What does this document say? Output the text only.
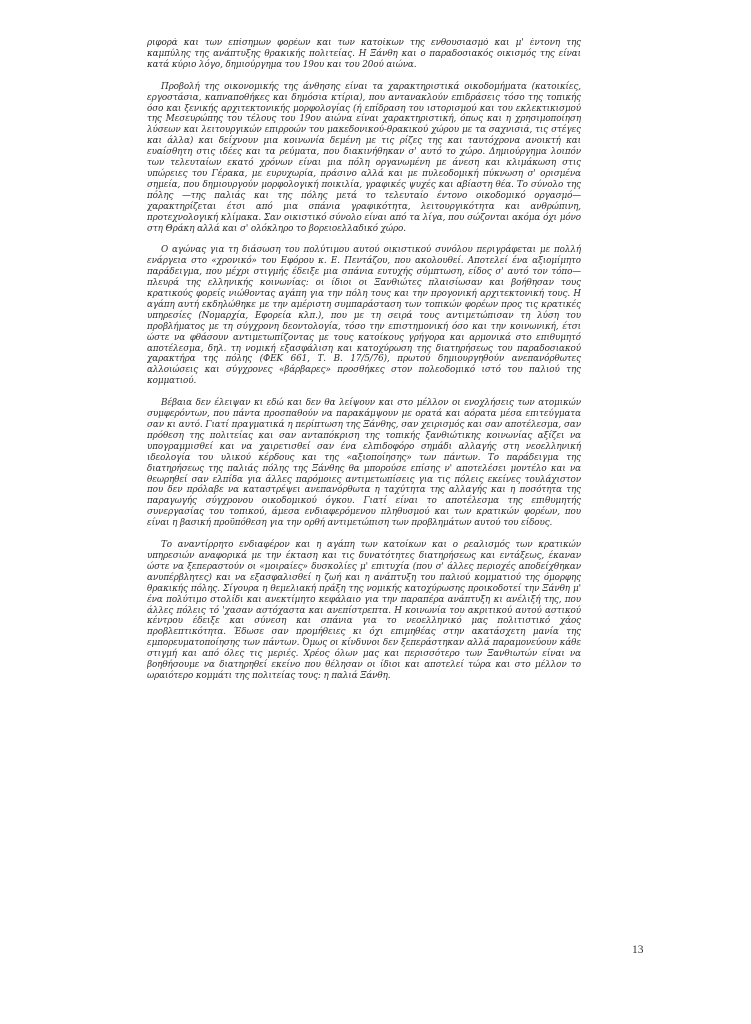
ριφορά και των επίσημων φορέων και των κατοίκων της ενθουσιασμό και μ' έντονη της καμπύλης της ανάπτυξης θρακικής πολιτείας. Η Ξάνθη και ο παραδοσιακός οικισμός της είναι κατά κύριο λόγο, δημιούργημα του 19ου και του 20ού αιώνα.

Προβολή της οικονομικής της άνθησης είναι τα χαρακτηριστικά οικοδομήματα (κατοικίες, εργοστάσια, καπναποθήκες και δημόσια κτίρια), που αντανακλούν επιδράσεις τόσο της τοπικής όσο και ξενικής αρχιτεκτονικής μορφολογίας (ή επίδραση του ιστορισμού και του εκλεκτικισμού της Μεσευρώπης του τέλους του 19ου αιώνα είναι χαρακτηριστική, όπως και η χρησιμοποίηση λύσεων και λειτουργικών επιρροών του μακεδονικού-θρακικού χώρου με τα σαχνισιά, τις στέγες και άλλα) και δείχνουν μια κοινωνία δεμένη με τις ρίζες της και ταυτόχρονα ανοικτή και ευαίσθητη στις ιδέες και τα ρεύματα, που διακινήθηκαν σ' αυτό το χώρο. Δημιούργημα λοιπόν των τελευταίων εκατό χρόνων είναι μια πόλη οργανωμένη με άνεση και κλιμάκωση στις υπώρειες του Γέρακα, με ευρυχωρία, πράσινο αλλά και με πυλεοδομική πύκνωση σ' ορισμένα σημεία, που δημιουργούν μορφολογική ποικιλία, γραφικές ψυχές και αβίαστη θέα. Το σύνολο της πόλης —της παλιάς και της πόλης μετά το τελευταίο έντονο οικοδομικό οργασμό— χαρακτηρίζεται έτσι από μια σπάνια γραφικότητα, λειτουργικότητα και ανθρώπινη, προτεχνολογική κλίμακα. Σαν οικιστικό σύνολο είναι από τα λίγα, που σώζονται ακόμα όχι μόνο στη Θράκη αλλά και σ' ολόκληρο το βορειοελλαδικό χώρο.

Ο αγώνας για τη διάσωση του πολύτιμου αυτού οικιστικού συνόλου περιγράφεται με πολλή ενάργεια στο «χρονικό» του Εφόρου κ. Ε. Πεντάζου, που ακολουθεί. Αποτελεί ένα αξιομίμητο παράδειγμα, που μέχρι στιγμής έδειξε μια σπάνια ευτυχής σύμπτωση, είδος σ' αυτό τον τόπο—πλευρά της ελληνικής κοινωνίας: οι ίδιοι οι Ξανθιώτες πλαισίωσαν και βοήθησαν τους κρατικούς φορείς νιώθοντας αγάπη για την πόλη τους και την προγονική αρχιτεκτονική τους. Η αγάπη αυτή εκδηλώθηκε με την αμέριστη συμπαράσταση των τοπικών φορέων προς τις κρατικές υπηρεσίες (Νομαρχία, Εφορεία κλπ.), που με τη σειρά τους αντιμετώπισαν τη λύση του προβλήματος με τη σύγχρονη δεοντολογία, τόσο την επιστημονική όσο και την κοινωνική, έτσι ώστε να φθάσουν αντιμετωπίζοντας με τους κατοίκους γρήγορα και αρμονικά στο επιθυμητό αποτέλεσμα, δηλ. τη νομική εξασφάλιση και κατοχύρωση της διατηρήσεως του παραδοσιακού χαρακτήρα της πόλης (ΦΕΚ 661, Τ. Β. 17/5/76), πρωτού δημιουργηθούν ανεπανόρθωτες αλλοιώσεις και σύγχρονες «βάρβαρες» προσθήκες στον πολεοδομικό ιστό του παλιού της κομματιού.

Βέβαια δεν έλειψαν κι εδώ και δεν θα λείψουν και στο μέλλον οι ενοχλήσεις των ατομικών συμφερόντων, που πάντα προσπαθούν να παρακάμψουν με ορατά και αόρατα μέσα επιτεύγματα σαν κι αυτό. Γιατί πραγματικά η περίπτωση της Ξάνθης, σαν χειρισμός και σαν αποτέλεσμα, σαν πρόθεση της πολιτείας και σαν ανταπόκριση της τοπικής ξανθιώτικης κοινωνίας αξίζει να υπογραμμισθεί και να χαιρετισθεί σαν ένα ελπιδοφόρο σημάδι αλλαγής στη νεοελληνική ιδεολογία του υλικού κέρδους και της «αξιοποίησης» των πάντων. Το παράδειγμα της διατηρήσεως της παλιάς πόλης της Ξάνθης θα μπορούσε επίσης ν' αποτελέσει μοντέλο και να θεωρηθεί σαν ελπίδα για άλλες παρόμοιες αντιμετωπίσεις για τις πόλεις εκείνες τουλάχιστον που δεν πρόλαβε να καταστρέψει ανεπανόρθωτα η ταχύτητα της αλλαγής και η ποσότητα της παραγωγής σύγχρονου οικοδομικού όγκου. Γιατί είναι το αποτέλεσμα της επιθυμητής συνεργασίας του τοπικού, άμεσα ενδιαφερόμενου πληθυσμού και των κρατικών φορέων, που είναι η βασική προϋπόθεση για την ορθή αντιμετώπιση των προβλημάτων αυτού του είδους.

Το αναντίρρητο ενδιαφέρον και η αγάπη των κατοίκων και ο ρεαλισμός των κρατικών υπηρεσιών αναφορικά με την έκταση και τις δυνατότητες διατηρήσεως και εντάξεως, έκαναν ώστε να ξεπεραστούν οι «μοιραίες» δυσκολίες μ' επιτυχία (που σ' άλλες περιοχές αποδείχθηκαν ανυπέρβλητες) και να εξασφαλισθεί η ζωή και η ανάπτυξη του παλιού κομματιού της όμορφης θρακικής πόλης. Σίγουρα η θεμελιακή πράξη της νομικής κατοχύρωσης προικοδοτεί την Ξάνθη μ' ένα πολύτιμο στολίδι και ανεκτίμητο κεφάλαιο για την παραπέρα ανάπτυξη κι ανέλιξή της, που άλλες πόλεις τό 'χασαν αστόχαστα και ανεπίστρεπτα. Η κοινωνία του ακριτικού αυτού αστικού κέντρου έδειξε και σύνεση και σπάνια για το νεοελληνικό μας πολιτιστικό χάος προβλεπτικότητα. Έδωσε σαν προμήθειες κι όχι επιμηθέας στην ακατάσχετη μανία της εμπορευματοποίησης των πάντων. Όμως οι κίνδυνοι δεν ξεπεράστηκαν αλλά παραμονεύουν κάθε στιγμή και από όλες τις μεριές. Χρέος όλων μας και περισσότερο των Ξανθιωτών είναι να βοηθήσουμε να διατηρηθεί εκείνο που θέλησαν οι ίδιοι και αποτελεί τώρα και στο μέλλον το ωραιότερο κομμάτι της πολιτείας τους: η παλιά Ξάνθη.

13
